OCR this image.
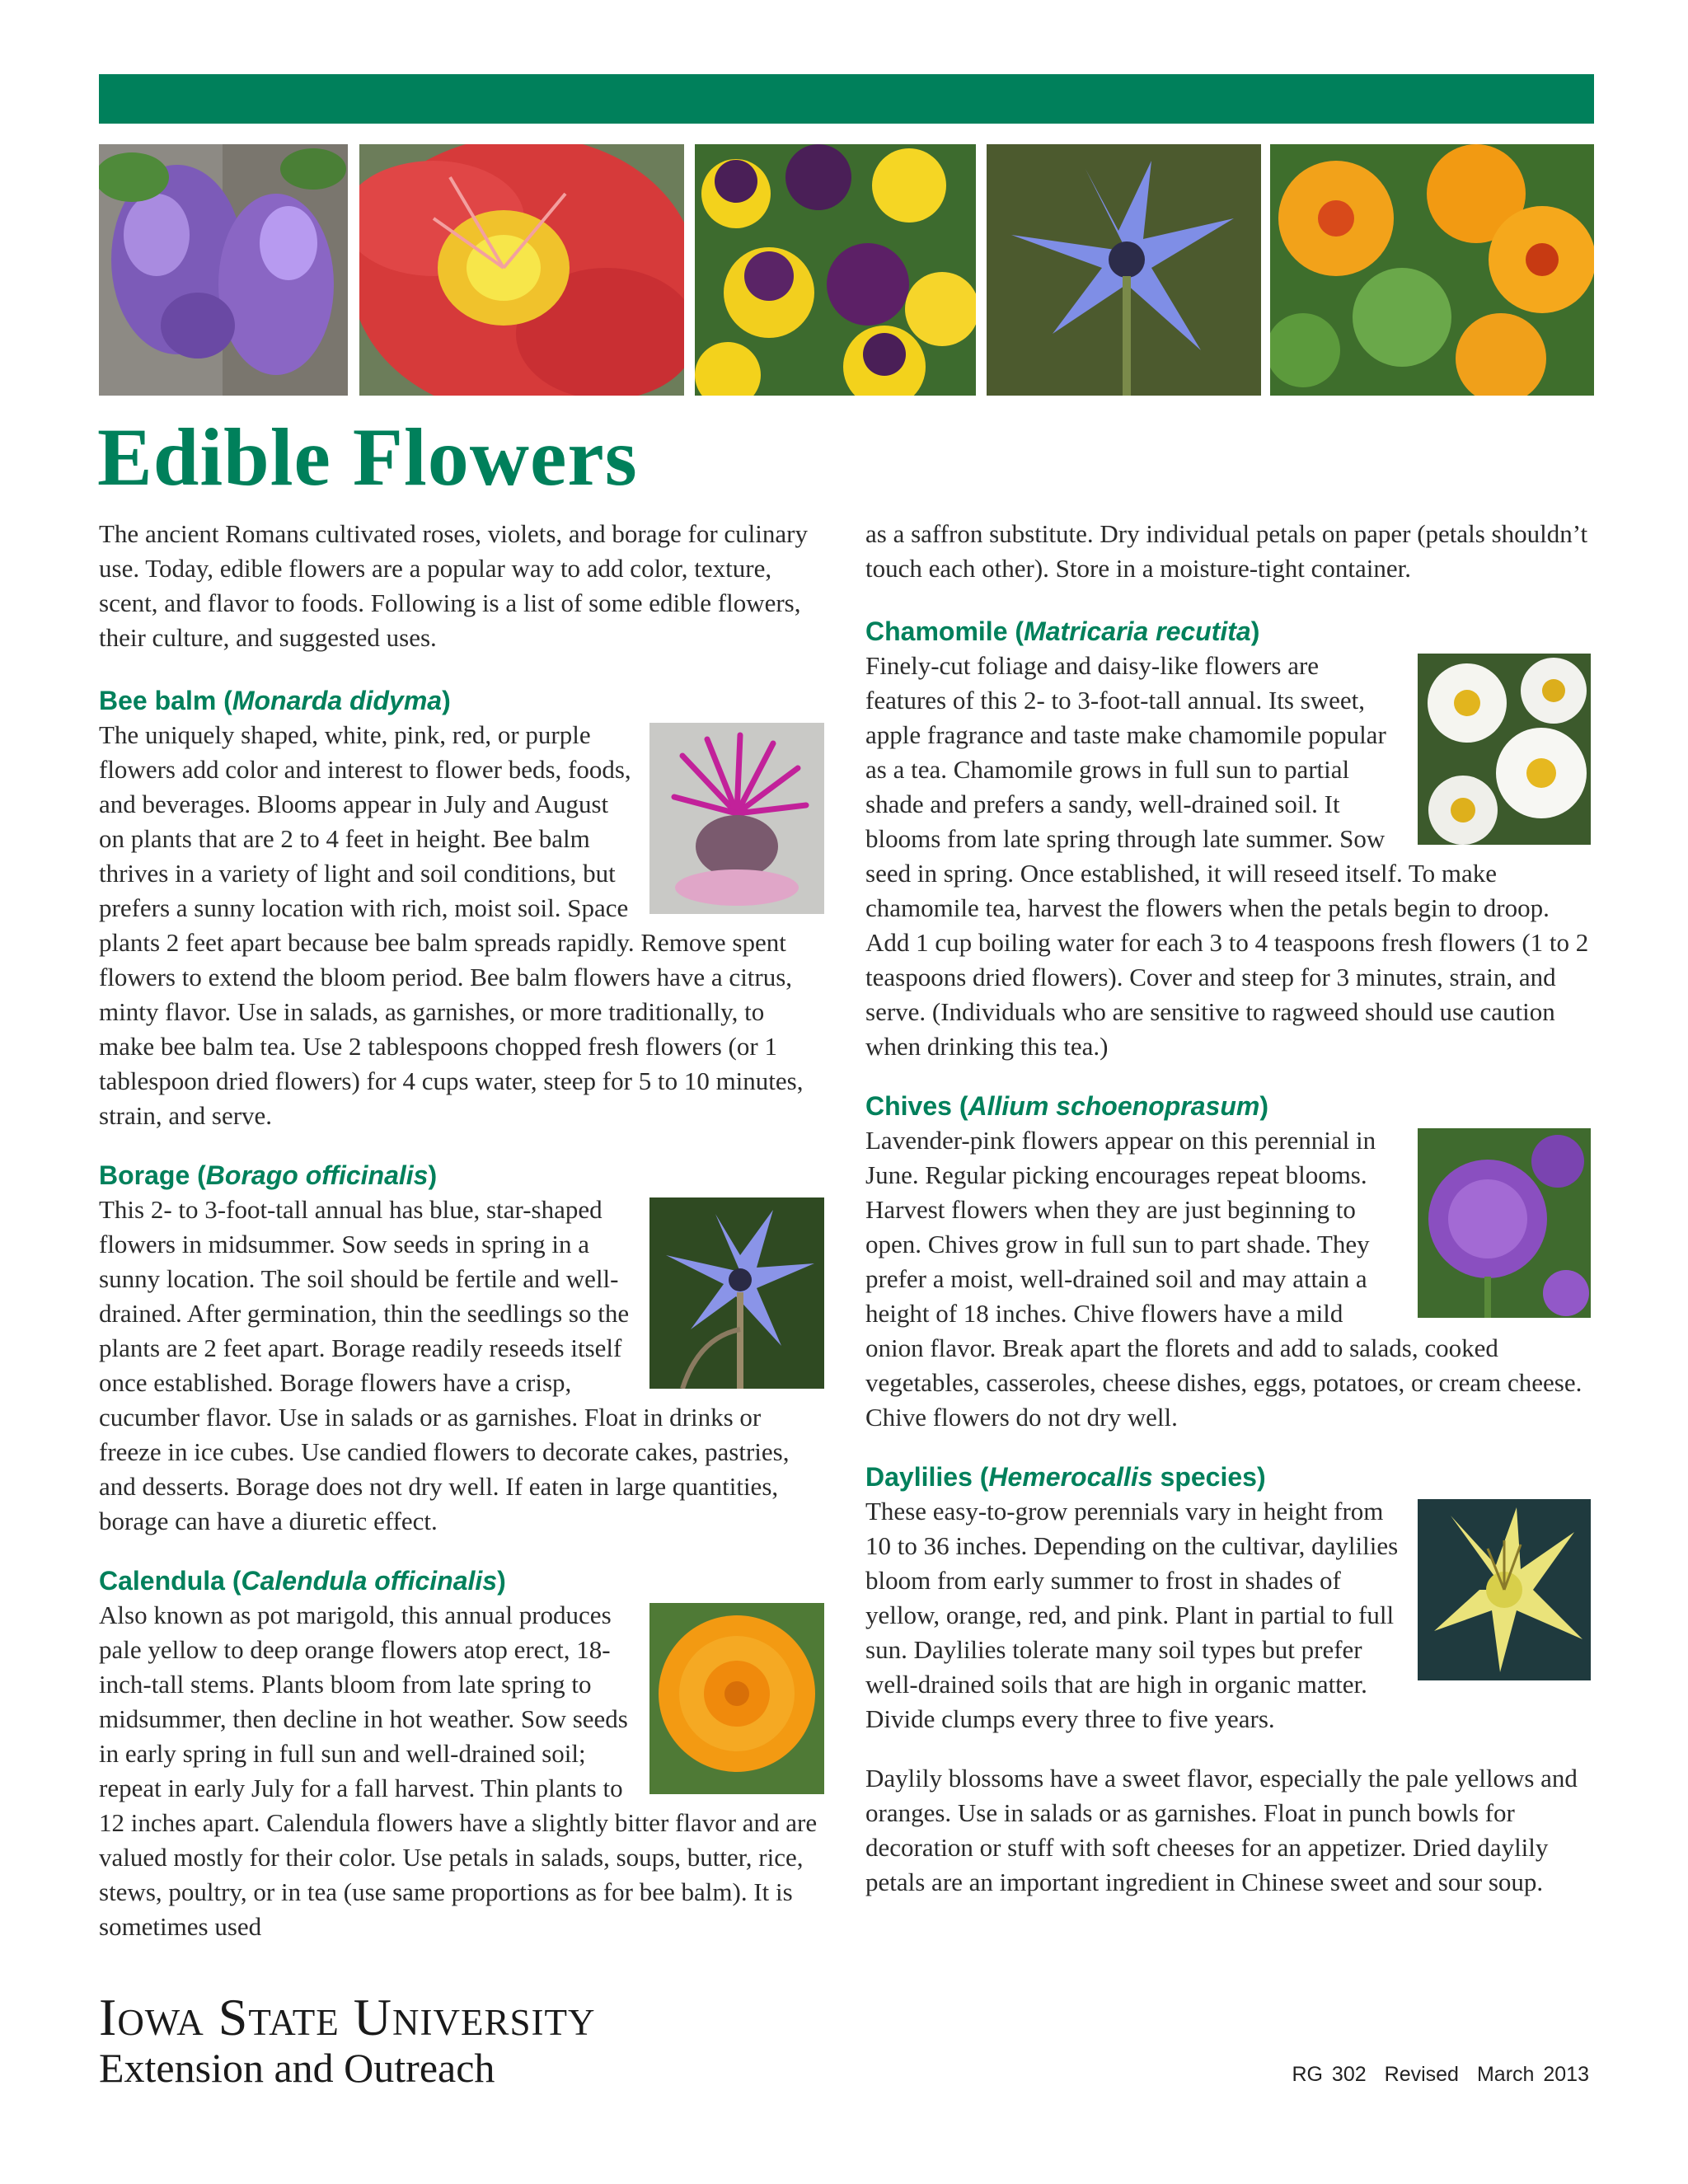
Edible Flowers

The ancient Romans cultivated roses, violets, and borage for culinary use. Today, edible flowers are a popular way to add color, texture, scent, and flavor to foods. Following is a list of some edible flowers, their culture, and suggested uses.

Bee balm (Monarda didyma)

The uniquely shaped, white, pink, red, or purple flowers add color and interest to flower beds, foods, and beverages. Blooms appear in July and August on plants that are 2 to 4 feet in height. Bee balm thrives in a variety of light and soil conditions, but prefers a sunny location with rich, moist soil. Space plants 2 feet apart because bee balm spreads rapidly. Remove spent flowers to extend the bloom period. Bee balm flowers have a citrus, minty flavor. Use in salads, as garnishes, or more traditionally, to make bee balm tea. Use 2 tablespoons chopped fresh flowers (or 1 tablespoon dried flowers) for 4 cups water, steep for 5 to 10 minutes, strain, and serve.

Borage (Borago officinalis)

This 2- to 3-foot-tall annual has blue, star-shaped flowers in midsummer. Sow seeds in spring in a sunny location. The soil should be fertile and well-drained. After germination, thin the seedlings so the plants are 2 feet apart. Borage readily reseeds itself once established. Borage flowers have a crisp, cucumber flavor. Use in salads or as garnishes. Float in drinks or freeze in ice cubes. Use candied flowers to decorate cakes, pastries, and desserts. Borage does not dry well. If eaten in large quantities, borage can have a diuretic effect.

Calendula (Calendula officinalis)

Also known as pot marigold, this annual produces pale yellow to deep orange flowers atop erect, 18-inch-tall stems. Plants bloom from late spring to midsummer, then decline in hot weather. Sow seeds in early spring in full sun and well-drained soil; repeat in early July for a fall harvest. Thin plants to 12 inches apart. Calendula flowers have a slightly bitter flavor and are valued mostly for their color. Use petals in salads, soups, butter, rice, stews, poultry, or in tea (use same proportions as for bee balm). It is sometimes used

as a saffron substitute. Dry individual petals on paper (petals shouldn’t touch each other). Store in a moisture-tight container.

Chamomile (Matricaria recutita)

Finely-cut foliage and daisy-like flowers are features of this 2- to 3-foot-tall annual. Its sweet, apple fragrance and taste make chamomile popular as a tea. Chamomile grows in full sun to partial shade and prefers a sandy, well-drained soil. It blooms from late spring through late summer. Sow seed in spring. Once established, it will reseed itself. To make chamomile tea, harvest the flowers when the petals begin to droop. Add 1 cup boiling water for each 3 to 4 teaspoons fresh flowers (1 to 2 teaspoons dried flowers). Cover and steep for 3 minutes, strain, and serve. (Individuals who are sensitive to ragweed should use caution when drinking this tea.)

Chives (Allium schoenoprasum)

Lavender-pink flowers appear on this perennial in June. Regular picking encourages repeat blooms. Harvest flowers when they are just beginning to open. Chives grow in full sun to part shade. They prefer a moist, well-drained soil and may attain a height of 18 inches. Chive flowers have a mild onion flavor. Break apart the florets and add to salads, cooked vegetables, casseroles, cheese dishes, eggs, potatoes, or cream cheese. Chive flowers do not dry well.

Daylilies (Hemerocallis species)

These easy-to-grow perennials vary in height from 10 to 36 inches. Depending on the cultivar, daylilies bloom from early summer to frost in shades of yellow, orange, red, and pink. Plant in partial to full sun. Daylilies tolerate many soil types but prefer well-drained soils that are high in organic matter. Divide clumps every three to five years.

Daylily blossoms have a sweet flavor, especially the pale yellows and oranges. Use in salads or as garnishes. Float in punch bowls for decoration or stuff with soft cheeses for an appetizer. Dried daylily petals are an important ingredient in Chinese sweet and sour soup.

Iowa State University
Extension and Outreach	RG 302 Revised March 2013
